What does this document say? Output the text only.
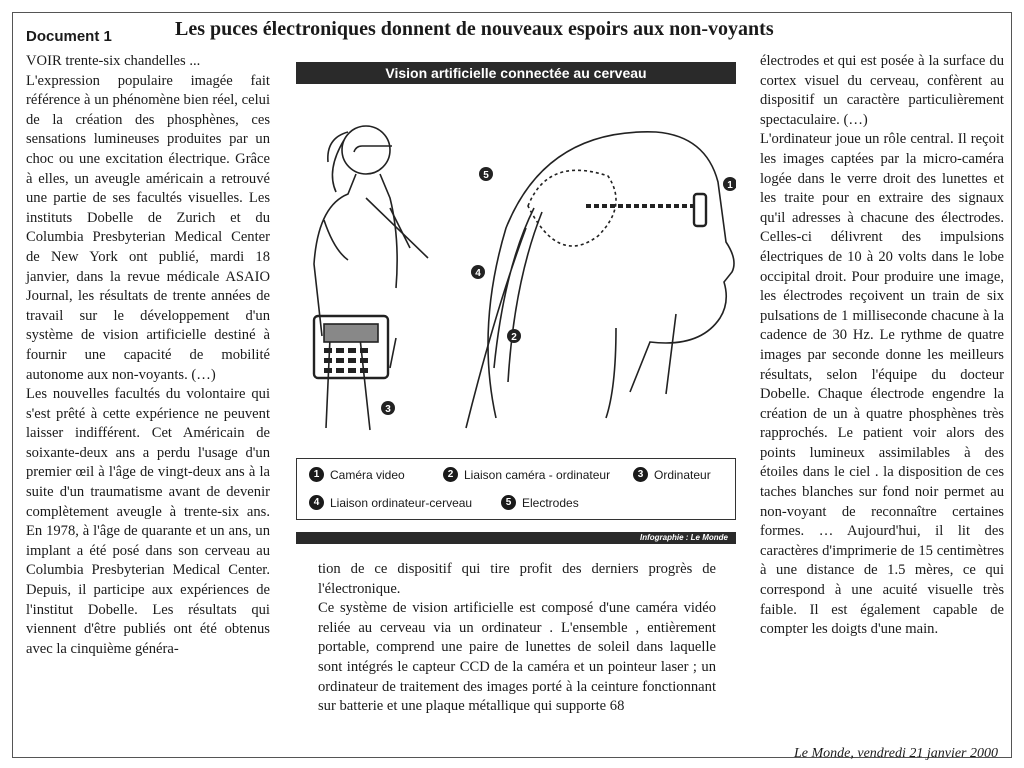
Document 1	Les puces électroniques donnent de nouveaux espoirs aux non-voyants

VOIR trente-six chandelles ...

L'expression populaire imagée fait référence à un phénomène bien réel, celui de la création des phosphènes, ces sensations lumineuses produites par un choc ou une excitation électrique. Grâce à elles, un aveugle américain a retrouvé une partie de ses facultés visuelles. Les instituts Dobelle de Zurich et du Columbia Presbyterian Medical Center de New York ont publié, mardi 18 janvier, dans la revue médicale ASAIO Journal, les résultats de trente années de travail sur le développement d'un système de vision artificielle destiné à fournir une capacité de mobilité autonome aux non-voyants. (…)

Les nouvelles facultés du volontaire qui s'est prêté à cette expérience ne peuvent laisser indifférent. Cet Américain de soixante-deux ans a perdu l'usage d'un premier œil à l'âge de vingt-deux ans à la suite d'un traumatisme avant de devenir complètement aveugle à trente-six ans. En 1978, à l'âge de quarante et un ans, un implant a été posé dans son cerveau au Columbia Presbyterian Medical Center. Depuis, il participe aux expériences de l'institut Dobelle. Les résultats qui viennent d'être publiés ont été obtenus avec la cinquième généra-

Vision artificielle connectée au cerveau
1
2
3
4
5
1 Caméra video	2 Liaison caméra - ordinateur	3 Ordinateur
4 Liaison ordinateur-cerveau	5 Electrodes
Infographie : Le Monde

tion de ce dispositif qui tire profit des derniers progrès de l'électronique.

Ce système de vision artificielle est composé d'une caméra vidéo reliée au cerveau via un ordinateur . L'ensemble , entièrement portable, comprend une paire de lunettes de soleil dans laquelle sont intégrés le capteur CCD de la caméra et un pointeur laser ; un ordinateur de traitement des images porté à la ceinture fonctionnant sur batterie et une plaque métallique qui supporte 68

électrodes et qui est posée à la surface du cortex visuel du cerveau, confèrent au dispositif un caractère particulièrement spectaculaire. (…)

L'ordinateur joue un rôle central. Il reçoit les images captées par la micro-caméra logée dans le verre droit des lunettes et les traite pour en extraire des signaux qu'il adresses à chacune des électrodes. Celles-ci délivrent des impulsions électriques de 10 à 20 volts dans le lobe occipital droit. Pour produire une image, les électrodes reçoivent un train de six pulsations de 1 milliseconde chacune à la cadence de 30 Hz. Le rythme de quatre images par seconde donne les meilleurs résultats, selon l'équipe du docteur Dobelle. Chaque électrode engendre la création de un à quatre phosphènes très rapprochés. Le patient voir alors des points lumineux assimilables à des étoiles dans le ciel . la disposition de ces taches blanches sur fond noir permet au non-voyant de reconnaître certaines formes. … Aujourd'hui, il lit des caractères d'imprimerie de 15 centimètres à une distance de 1.5 mères, ce qui correspond à une acuité visuelle très faible. Il est également capable de compter les doigts d'une main.

Le Monde, vendredi 21 janvier 2000
